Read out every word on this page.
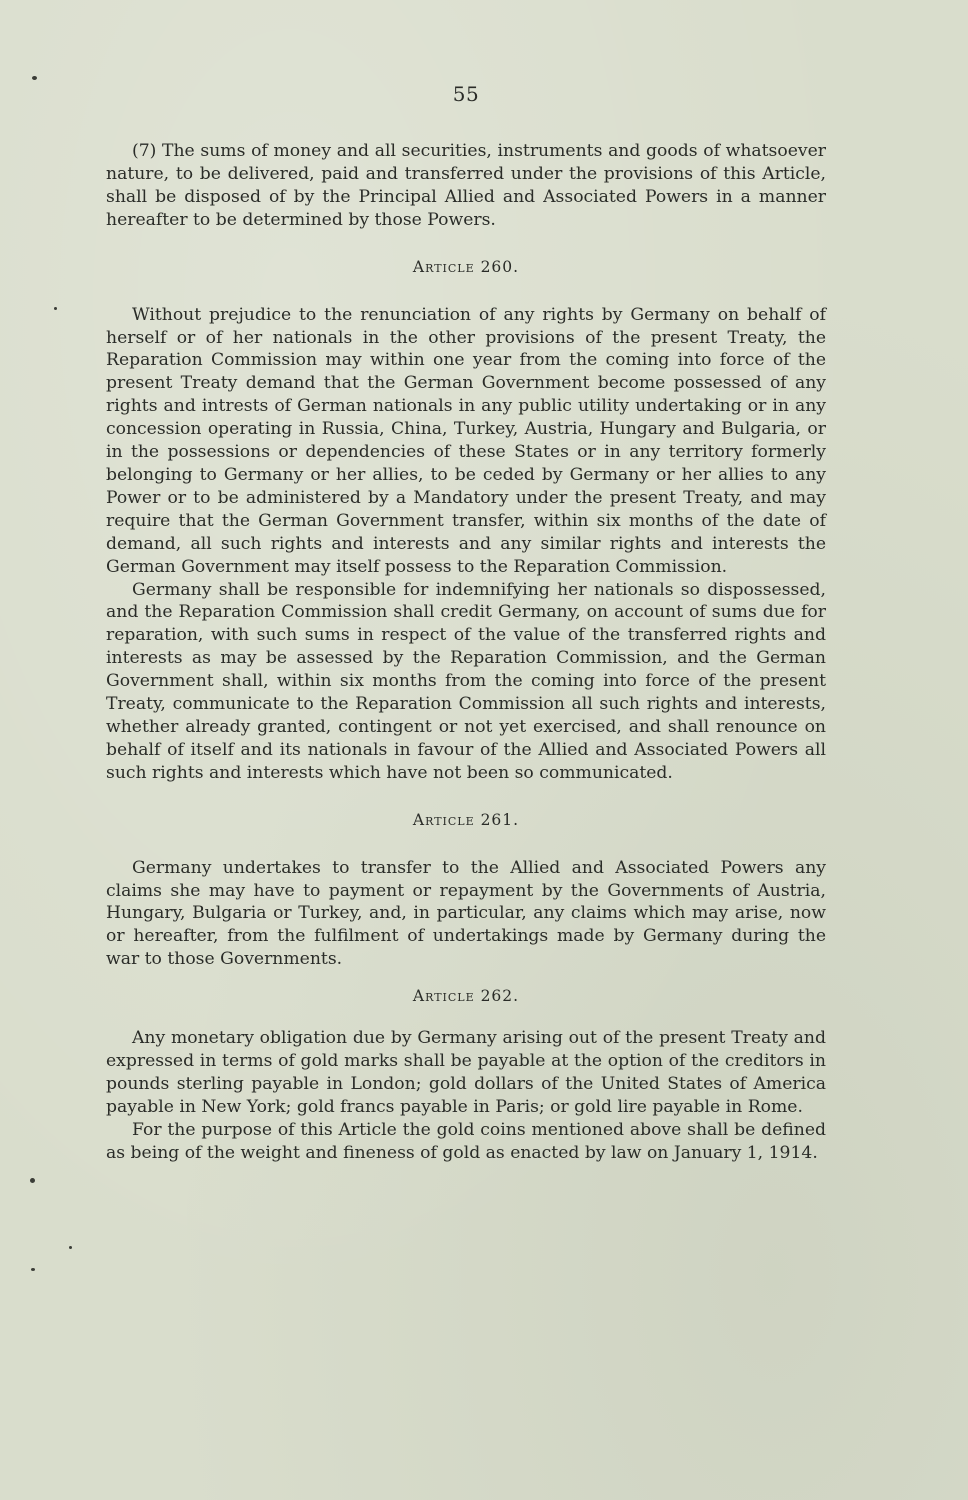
55

(7) The sums of money and all securities, instruments and goods of whatsoever nature, to be delivered, paid and transferred under the provisions of this Article, shall be disposed of by the Principal Allied and Associated Powers in a manner hereafter to be determined by those Powers.

Article 260.

Without prejudice to the renunciation of any rights by Germany on behalf of herself or of her nationals in the other provisions of the present Treaty, the Reparation Commission may within one year from the coming into force of the present Treaty demand that the German Government become possessed of any rights and intrests of German nationals in any public utility undertaking or in any concession operating in Russia, China, Turkey, Austria, Hungary and Bulgaria, or in the possessions or dependencies of these States or in any territory formerly belonging to Germany or her allies, to be ceded by Germany or her allies to any Power or to be administered by a Mandatory under the present Treaty, and may require that the German Government transfer, within six months of the date of demand, all such rights and interests and any similar rights and interests the German Government may itself possess to the Reparation Commission.

Germany shall be responsible for indemnifying her nationals so dispossessed, and the Reparation Commission shall credit Germany, on account of sums due for reparation, with such sums in respect of the value of the transferred rights and interests as may be assessed by the Reparation Commission, and the German Government shall, within six months from the coming into force of the present Treaty, communicate to the Reparation Commission all such rights and interests, whether already granted, contingent or not yet exercised, and shall renounce on behalf of itself and its nationals in favour of the Allied and Associated Powers all such rights and interests which have not been so communicated.

Article 261.

Germany undertakes to transfer to the Allied and Associated Powers any claims she may have to payment or repayment by the Governments of Austria, Hungary, Bulgaria or Turkey, and, in particular, any claims which may arise, now or hereafter, from the fulfilment of undertakings made by Germany during the war to those Governments.

Article 262.

Any monetary obligation due by Germany arising out of the present Treaty and expressed in terms of gold marks shall be payable at the option of the creditors in pounds sterling payable in London; gold dollars of the United States of America payable in New York; gold francs payable in Paris; or gold lire payable in Rome.

For the purpose of this Article the gold coins mentioned above shall be defined as being of the weight and fineness of gold as enacted by law on January 1, 1914.
